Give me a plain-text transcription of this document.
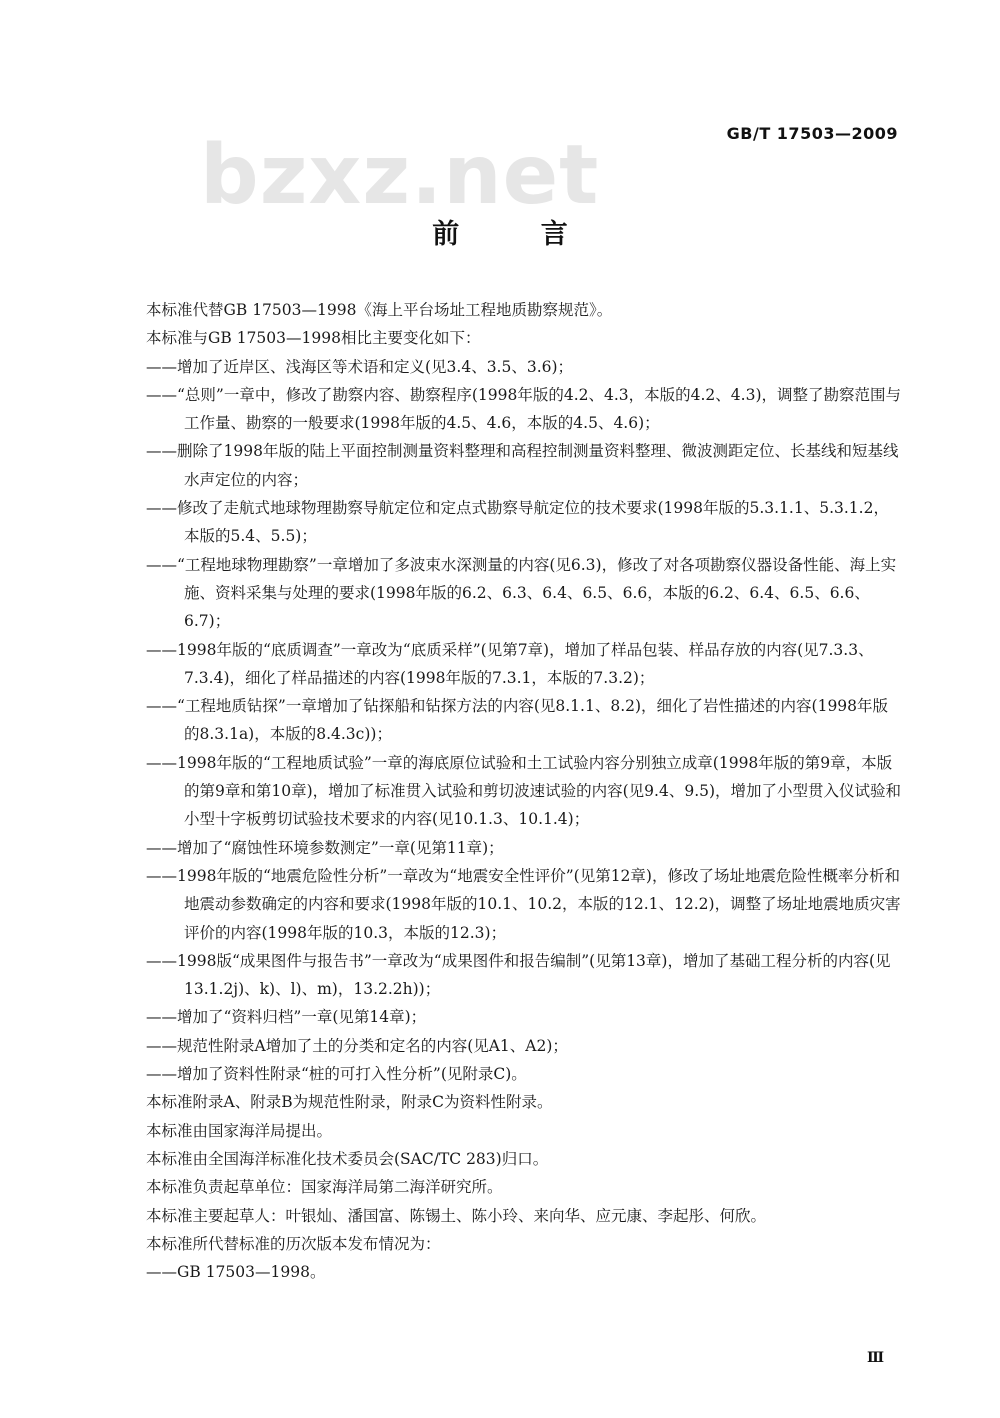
GB/T 17503—2009
bzxz.net
前 言

本标准代替GB 17503—1998《海上平台场址工程地质勘察规范》。

本标准与GB 17503—1998相比主要变化如下：

——增加了近岸区、浅海区等术语和定义(见3.4、3.5、3.6)；

——“总则”一章中，修改了勘察内容、勘察程序(1998年版的4.2、4.3，本版的4.2、4.3)，调整了勘察范围与工作量、勘察的一般要求(1998年版的4.5、4.6，本版的4.5、4.6)；

——删除了1998年版的陆上平面控制测量资料整理和高程控制测量资料整理、微波测距定位、长基线和短基线水声定位的内容；

——修改了走航式地球物理勘察导航定位和定点式勘察导航定位的技术要求(1998年版的5.3.1.1、5.3.1.2，本版的5.4、5.5)；

——“工程地球物理勘察”一章增加了多波束水深测量的内容(见6.3)，修改了对各项勘察仪器设备性能、海上实施、资料采集与处理的要求(1998年版的6.2、6.3、6.4、6.5、6.6，本版的6.2、6.4、6.5、6.6、6.7)；

——1998年版的“底质调查”一章改为“底质采样”(见第7章)，增加了样品包装、样品存放的内容(见7.3.3、7.3.4)，细化了样品描述的内容(1998年版的7.3.1，本版的7.3.2)；

——“工程地质钻探”一章增加了钻探船和钻探方法的内容(见8.1.1、8.2)，细化了岩性描述的内容(1998年版的8.3.1a)，本版的8.4.3c))；

——1998年版的“工程地质试验”一章的海底原位试验和土工试验内容分别独立成章(1998年版的第9章，本版的第9章和第10章)，增加了标准贯入试验和剪切波速试验的内容(见9.4、9.5)，增加了小型贯入仪试验和小型十字板剪切试验技术要求的内容(见10.1.3、10.1.4)；

——增加了“腐蚀性环境参数测定”一章(见第11章)；

——1998年版的“地震危险性分析”一章改为“地震安全性评价”(见第12章)，修改了场址地震危险性概率分析和地震动参数确定的内容和要求(1998年版的10.1、10.2，本版的12.1、12.2)，调整了场址地震地质灾害评价的内容(1998年版的10.3，本版的12.3)；

——1998版“成果图件与报告书”一章改为“成果图件和报告编制”(见第13章)，增加了基础工程分析的内容(见13.1.2j)、k)、l)、m)，13.2.2h))；

——增加了“资料归档”一章(见第14章)；

——规范性附录A增加了土的分类和定名的内容(见A1、A2)；

——增加了资料性附录“桩的可打入性分析”(见附录C)。

本标准附录A、附录B为规范性附录，附录C为资料性附录。

本标准由国家海洋局提出。

本标准由全国海洋标准化技术委员会(SAC/TC 283)归口。

本标准负责起草单位：国家海洋局第二海洋研究所。

本标准主要起草人：叶银灿、潘国富、陈锡土、陈小玲、来向华、应元康、李起彤、何欣。

本标准所代替标准的历次版本发布情况为：

——GB 17503—1998。

Ⅲ
